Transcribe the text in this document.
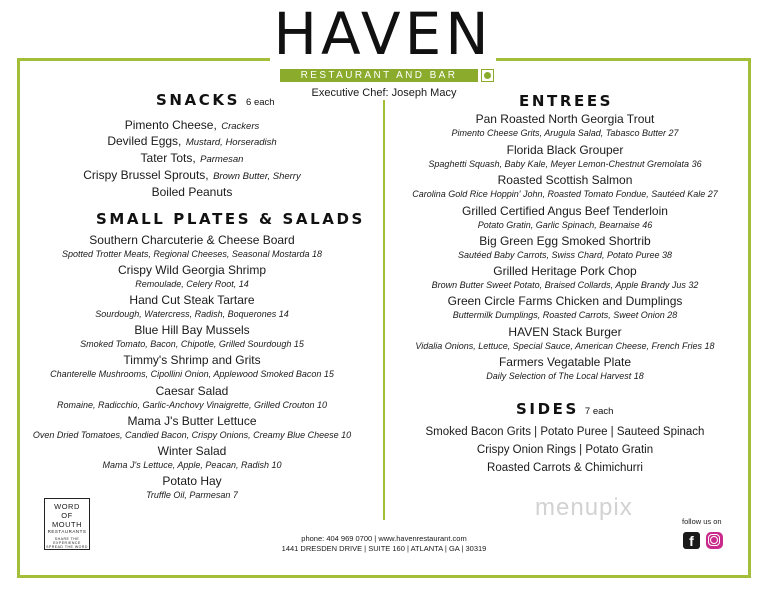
HAVEN
RESTAURANT AND BAR
Executive Chef: Joseph Macy
SNACKS 6 each
Pimento Cheese, Crackers
Deviled Eggs, Mustard, Horseradish
Tater Tots, Parmesan
Crispy Brussel Sprouts, Brown Butter, Sherry
Boiled Peanuts
SMALL PLATES & SALADS
Southern Charcuterie & Cheese Board
Spotted Trotter Meats, Regional Cheeses, Seasonal Mostarda 18
Crispy Wild Georgia Shrimp
Remoulade, Celery Root, 14
Hand Cut Steak Tartare
Sourdough, Watercress, Radish, Boquerones 14
Blue Hill Bay Mussels
Smoked Tomato, Bacon, Chipotle, Grilled Sourdough 15
Timmy's Shrimp and Grits
Chanterelle Mushrooms, Cipollini Onion, Applewood Smoked Bacon 15
Caesar Salad
Romaine, Radicchio, Garlic-Anchovy Vinaigrette, Grilled Crouton 10
Mama J's Butter Lettuce
Oven Dried Tomatoes, Candied Bacon, Crispy Onions, Creamy Blue Cheese 10
Winter Salad
Mama J's Lettuce, Apple, Peacan, Radish 10
Potato Hay
Truffle Oil, Parmesan 7
ENTREES
Pan Roasted North Georgia Trout
Pimento Cheese Grits, Arugula Salad, Tabasco Butter 27
Florida Black Grouper
Spaghetti Squash, Baby Kale, Meyer Lemon-Chestnut Gremolata 36
Roasted Scottish Salmon
Carolina Gold Rice Hoppin' John, Roasted Tomato Fondue, Sautéed Kale 27
Grilled Certified Angus Beef Tenderloin
Potato Gratin, Garlic Spinach, Bearnaise 46
Big Green Egg Smoked Shortrib
Sautéed Baby Carrots, Swiss Chard, Potato Puree 38
Grilled Heritage Pork Chop
Brown Butter Sweet Potato, Braised Collards, Apple Brandy Jus 32
Green Circle Farms Chicken and Dumplings
Buttermilk Dumplings, Roasted Carrots, Sweet Onion 28
HAVEN Stack Burger
Vidalia Onions, Lettuce, Special Sauce, American Cheese, French Fries 18
Farmers Vegatable Plate
Daily Selection of The Local Harvest 18
SIDES 7 each
Smoked Bacon Grits | Potato Puree | Sauteed Spinach
Crispy Onion Rings | Potato Gratin
Roasted Carrots & Chimichurri
WORD
OF
MOUTH
RESTAURANTS
SHARE THE EXPERIENCE SPREAD THE WORD
phone: 404 969 0700 | www.havenrestaurant.com
1441 DRESDEN DRIVE | SUITE 160 | ATLANTA | GA | 30319
menupix
follow us on
f
